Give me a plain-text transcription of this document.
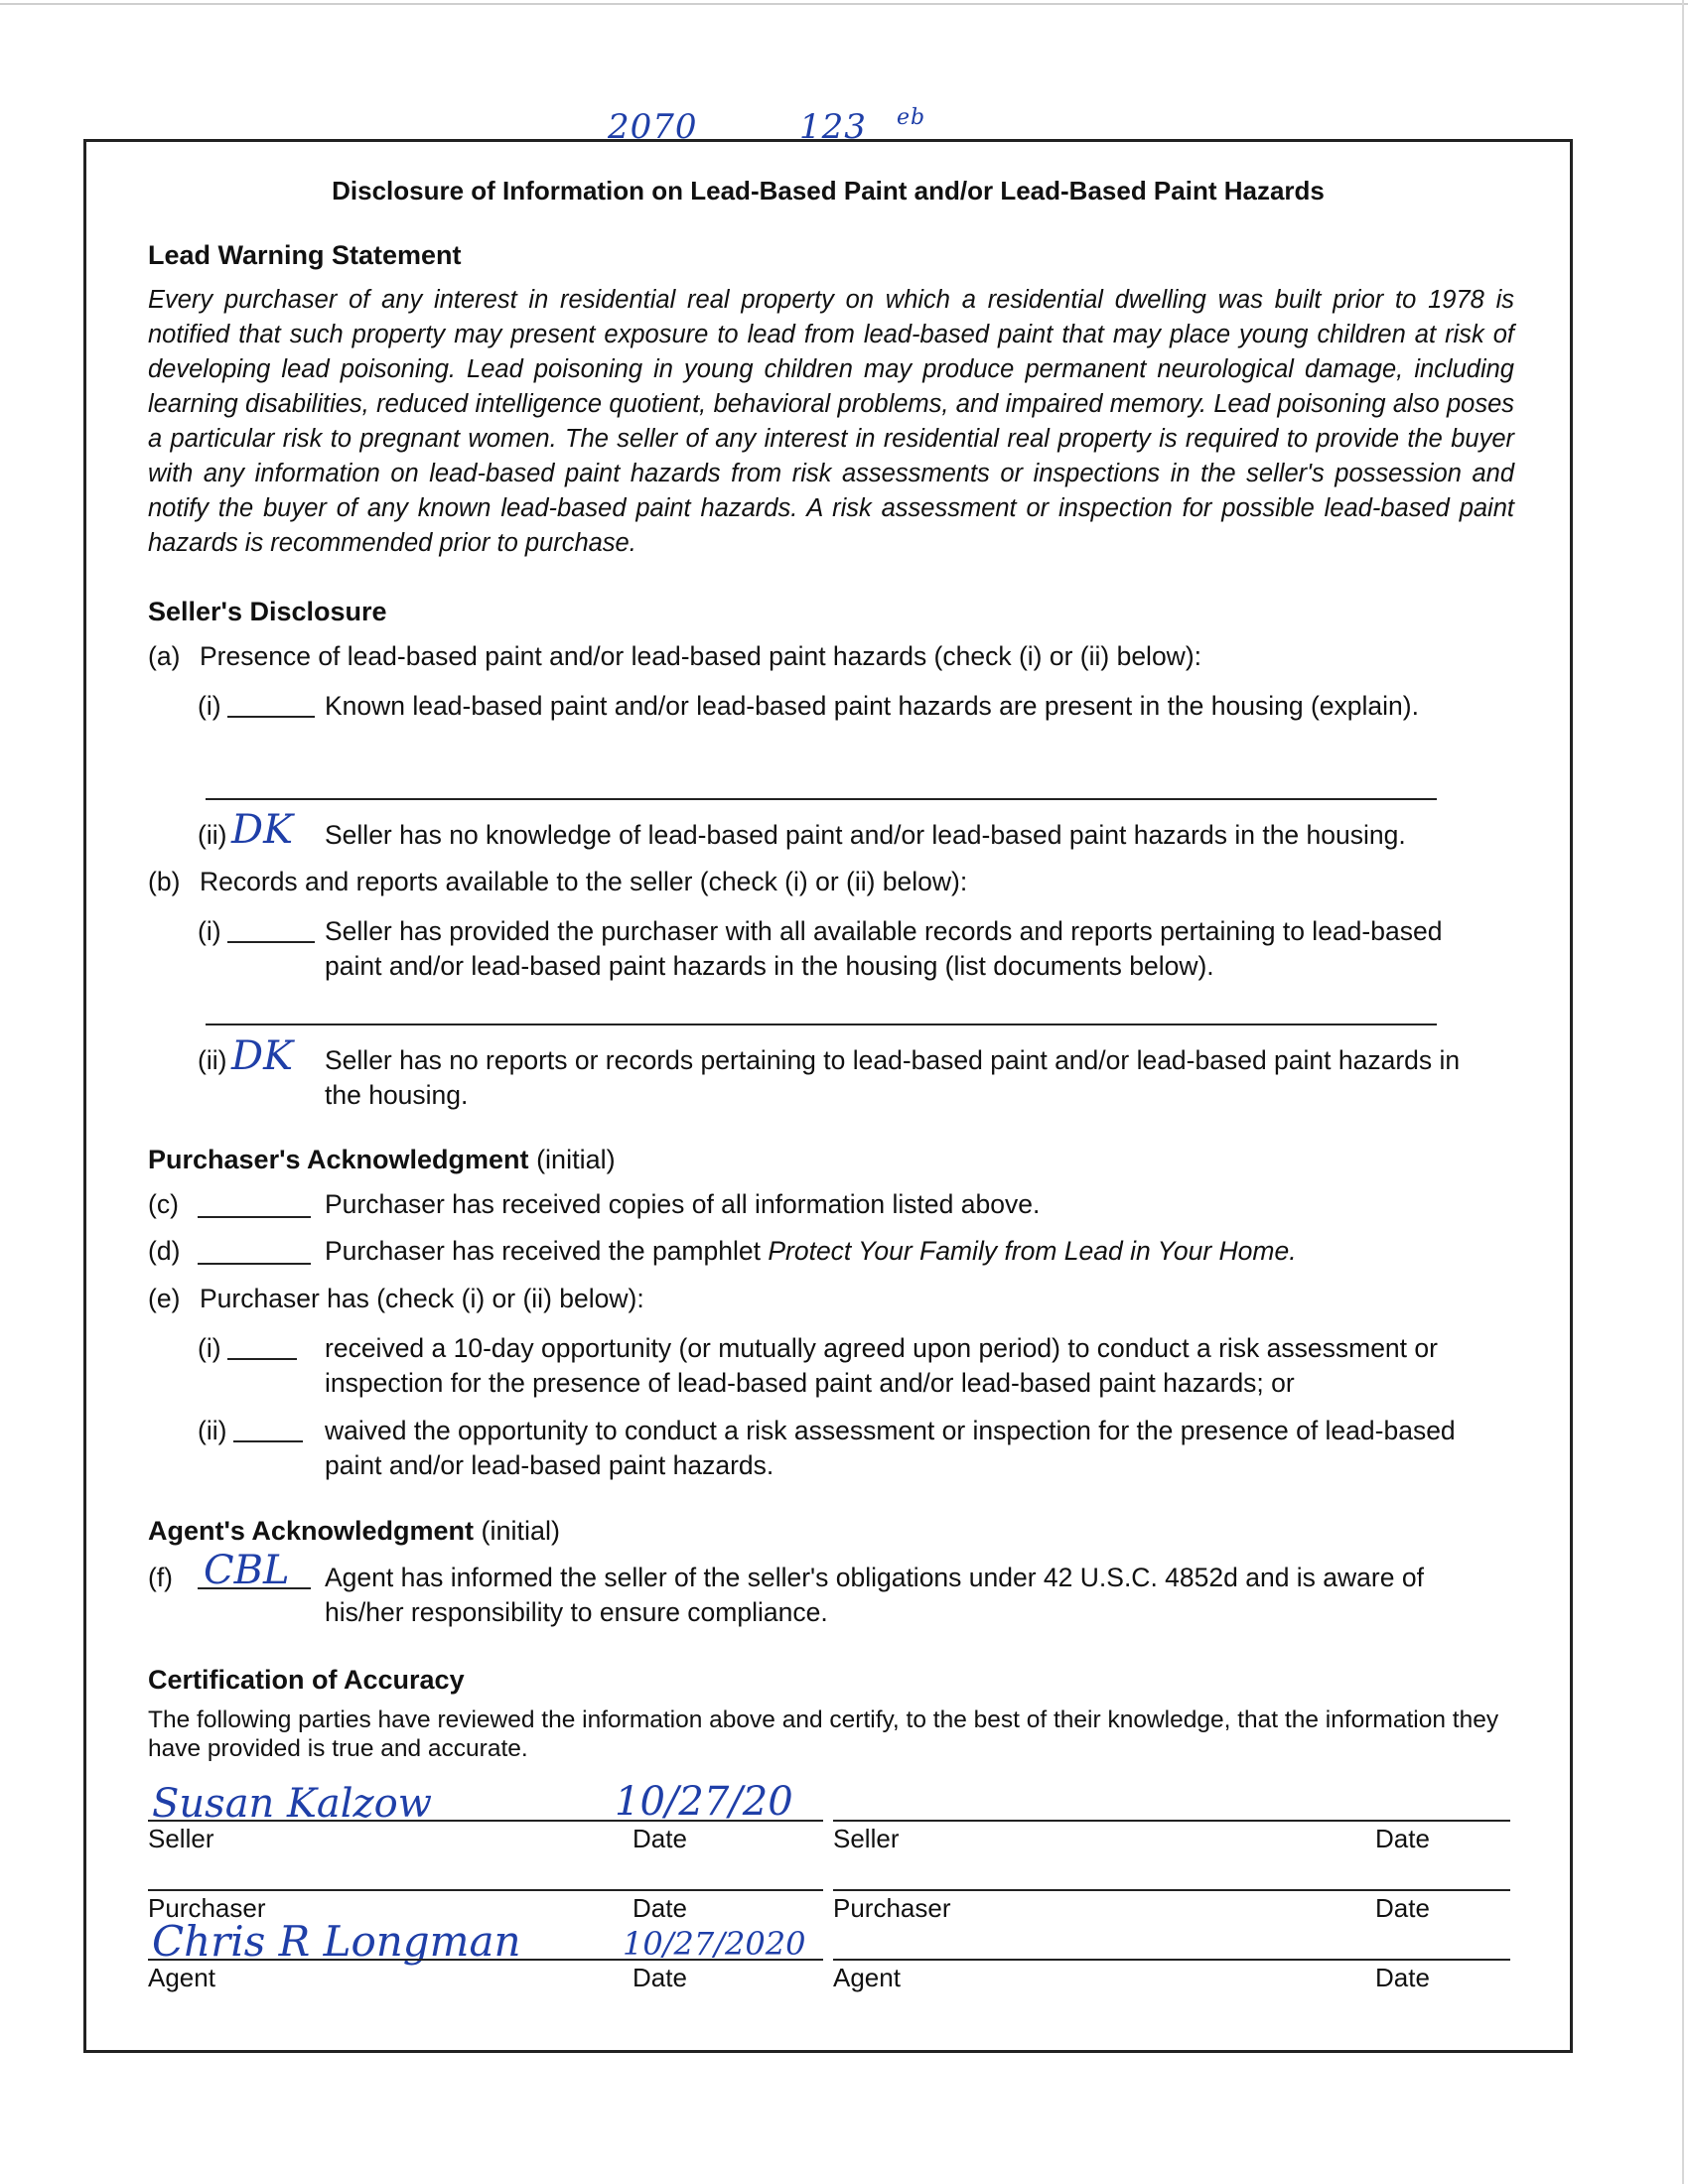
2070	123 eb
Disclosure of Information on Lead-Based Paint and/or Lead-Based Paint Hazards
Lead Warning Statement
Every purchaser of any interest in residential real property on which a residential dwelling was built prior to 1978 is notified that such property may present exposure to lead from lead-based paint that may place young children at risk of developing lead poisoning. Lead poisoning in young children may produce permanent neurological damage, including learning disabilities, reduced intelligence quotient, behavioral problems, and impaired memory. Lead poisoning also poses a particular risk to pregnant women. The seller of any interest in residential real property is required to provide the buyer with any information on lead-based paint hazards from risk assessments or inspections in the seller's possession and notify the buyer of any known lead-based paint hazards. A risk assessment or inspection for possible lead-based paint hazards is recommended prior to purchase.
Seller's Disclosure
(a) Presence of lead-based paint and/or lead-based paint hazards (check (i) or (ii) below):
(i)	Known lead-based paint and/or lead-based paint hazards are present in the housing (explain).
(ii) DK Seller has no knowledge of lead-based paint and/or lead-based paint hazards in the housing.
(b) Records and reports available to the seller (check (i) or (ii) below):
(i)	Seller has provided the purchaser with all available records and reports pertaining to lead-based paint and/or lead-based paint hazards in the housing (list documents below).
(ii) DK Seller has no reports or records pertaining to lead-based paint and/or lead-based paint hazards in the housing.
Purchaser's Acknowledgment (initial)
(c)	Purchaser has received copies of all information listed above.
(d)	Purchaser has received the pamphlet Protect Your Family from Lead in Your Home.
(e) Purchaser has (check (i) or (ii) below):
(i)	received a 10-day opportunity (or mutually agreed upon period) to conduct a risk assessment or inspection for the presence of lead-based paint and/or lead-based paint hazards; or
(ii)	waived the opportunity to conduct a risk assessment or inspection for the presence of lead-based paint and/or lead-based paint hazards.
Agent's Acknowledgment (initial)
(f) CBL Agent has informed the seller of the seller's obligations under 42 U.S.C. 4852d and is aware of his/her responsibility to ensure compliance.
Certification of Accuracy
The following parties have reviewed the information above and certify, to the best of their knowledge, that the information they have provided is true and accurate.
Susan Kalzow	10/27/20
Seller	Date	Seller	Date
Purchaser	Date	Purchaser	Date
Chris R Longman	10/27/2020
Agent	Date	Agent	Date
